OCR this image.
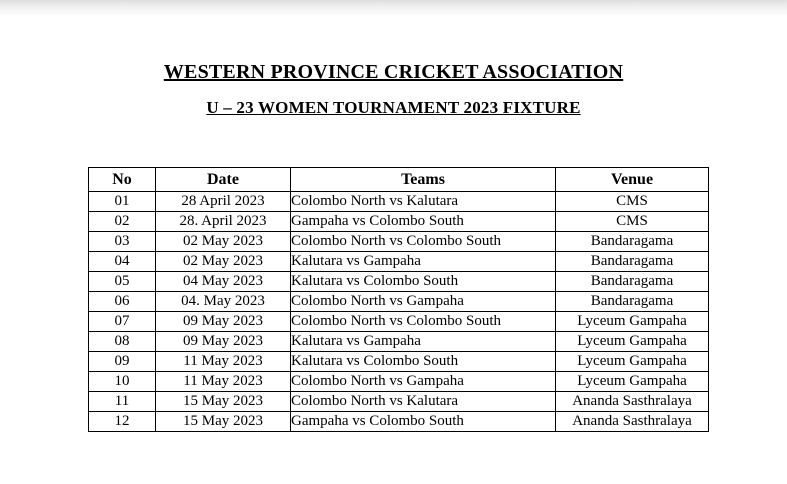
WESTERN PROVINCE CRICKET ASSOCIATION
U – 23 WOMEN TOURNAMENT 2023 FIXTURE
No	Date	Teams	Venue
01	28 April 2023	Colombo North vs Kalutara	CMS
02	28. April 2023	Gampaha vs Colombo South	CMS
03	02 May 2023	Colombo North vs Colombo South	Bandaragama
04	02 May 2023	Kalutara vs Gampaha	Bandaragama
05	04 May 2023	Kalutara vs Colombo South	Bandaragama
06	04. May 2023	Colombo North vs Gampaha	Bandaragama
07	09 May 2023	Colombo North vs Colombo South	Lyceum Gampaha
08	09 May 2023	Kalutara vs Gampaha	Lyceum Gampaha
09	11 May 2023	Kalutara vs Colombo South	Lyceum Gampaha
10	11 May 2023	Colombo North vs Gampaha	Lyceum Gampaha
11	15 May 2023	Colombo North vs Kalutara	Ananda Sasthralaya
12	15 May 2023	Gampaha vs Colombo South	Ananda Sasthralaya
